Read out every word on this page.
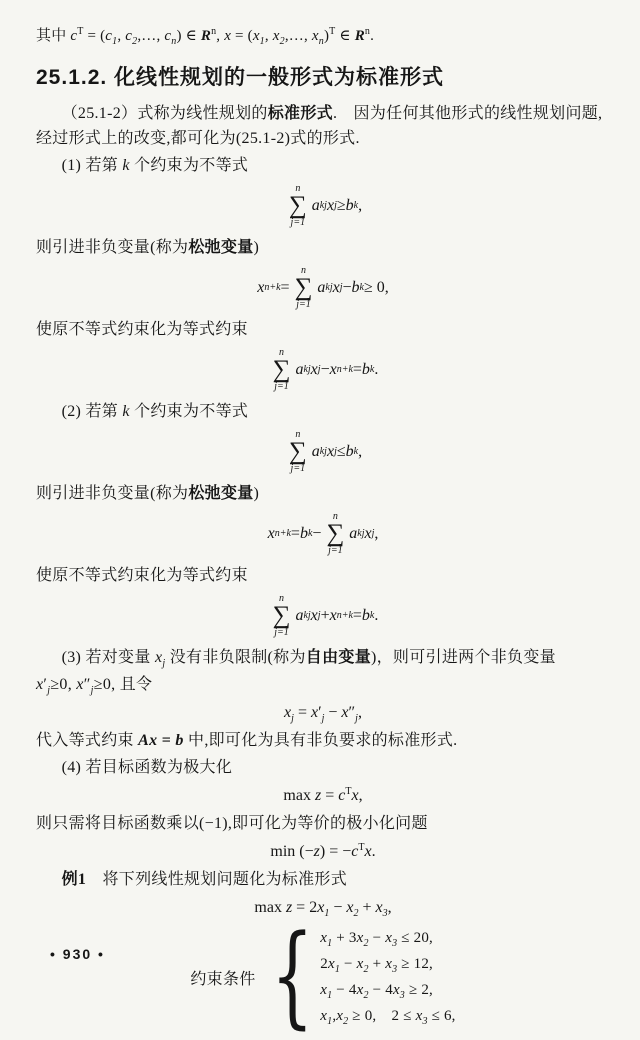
其中 $c^T = (c_1$, $c_2,\dots$, $c_n$) ∈ $R^n$, $x = (x_1$, $x_2,\dots$, $x_n)^T$ ∈ $R^n$.
25.1.2. 化线性规划的一般形式为标准形式
（25.1-2）式称为线性规划的标准形式.　因为任何其他形式的线性规划问题,经过形式上的改变,都可化为(25.1-2)式的形式.
(1) 若第 k 个约束为不等式
n
∑
j=1
a kj x j ≥ b k ,
则引进非负变量(称为松弛变量)
x n+k =
n
∑
j=1
a kj x j − b k ≥ 0,
使原不等式约束化为等式约束
n
∑
j=1
a kj x j − x n+k = b k .
(2) 若第 k 个约束为不等式
n
∑
j=1
a kj x j ≤ b k ,
则引进非负变量(称为松弛变量)
x n+k = b k −
n
∑
j=1
a kj x j ,
使原不等式约束化为等式约束
n
∑
j=1
a kj x j + x n+k = b k .
(3) 若对变量 $x_j$ 没有非负限制(称为自由变量)，则可引进两个非负变量
$x'_j\ge 0$, $x''_j\ge 0$, 且令
$x_j = x'_j - x''_j$,
代入等式约束 Ax = b 中,即可化为具有非负要求的标准形式.
(4) 若目标函数为极大化
$\max z = c^Tx$,
则只需将目标函数乘以(−1),即可化为等价的极小化问题
$\min (-z) = -c^Tx$.
例1　将下列线性规划问题化为标准形式
$\max z = 2x_1 - x_2 + x_3$,
约束条件 { $x_1 + 3x_2 - x_3 \le 20$,
$2x_1 - x_2 + x_3 \ge 12$,
$x_1 - 4x_2 - 4x_3 \ge 2$,
$x_1,x_2 \ge 0$,　$2 \le x_3 \le 6$,
• 930 •
